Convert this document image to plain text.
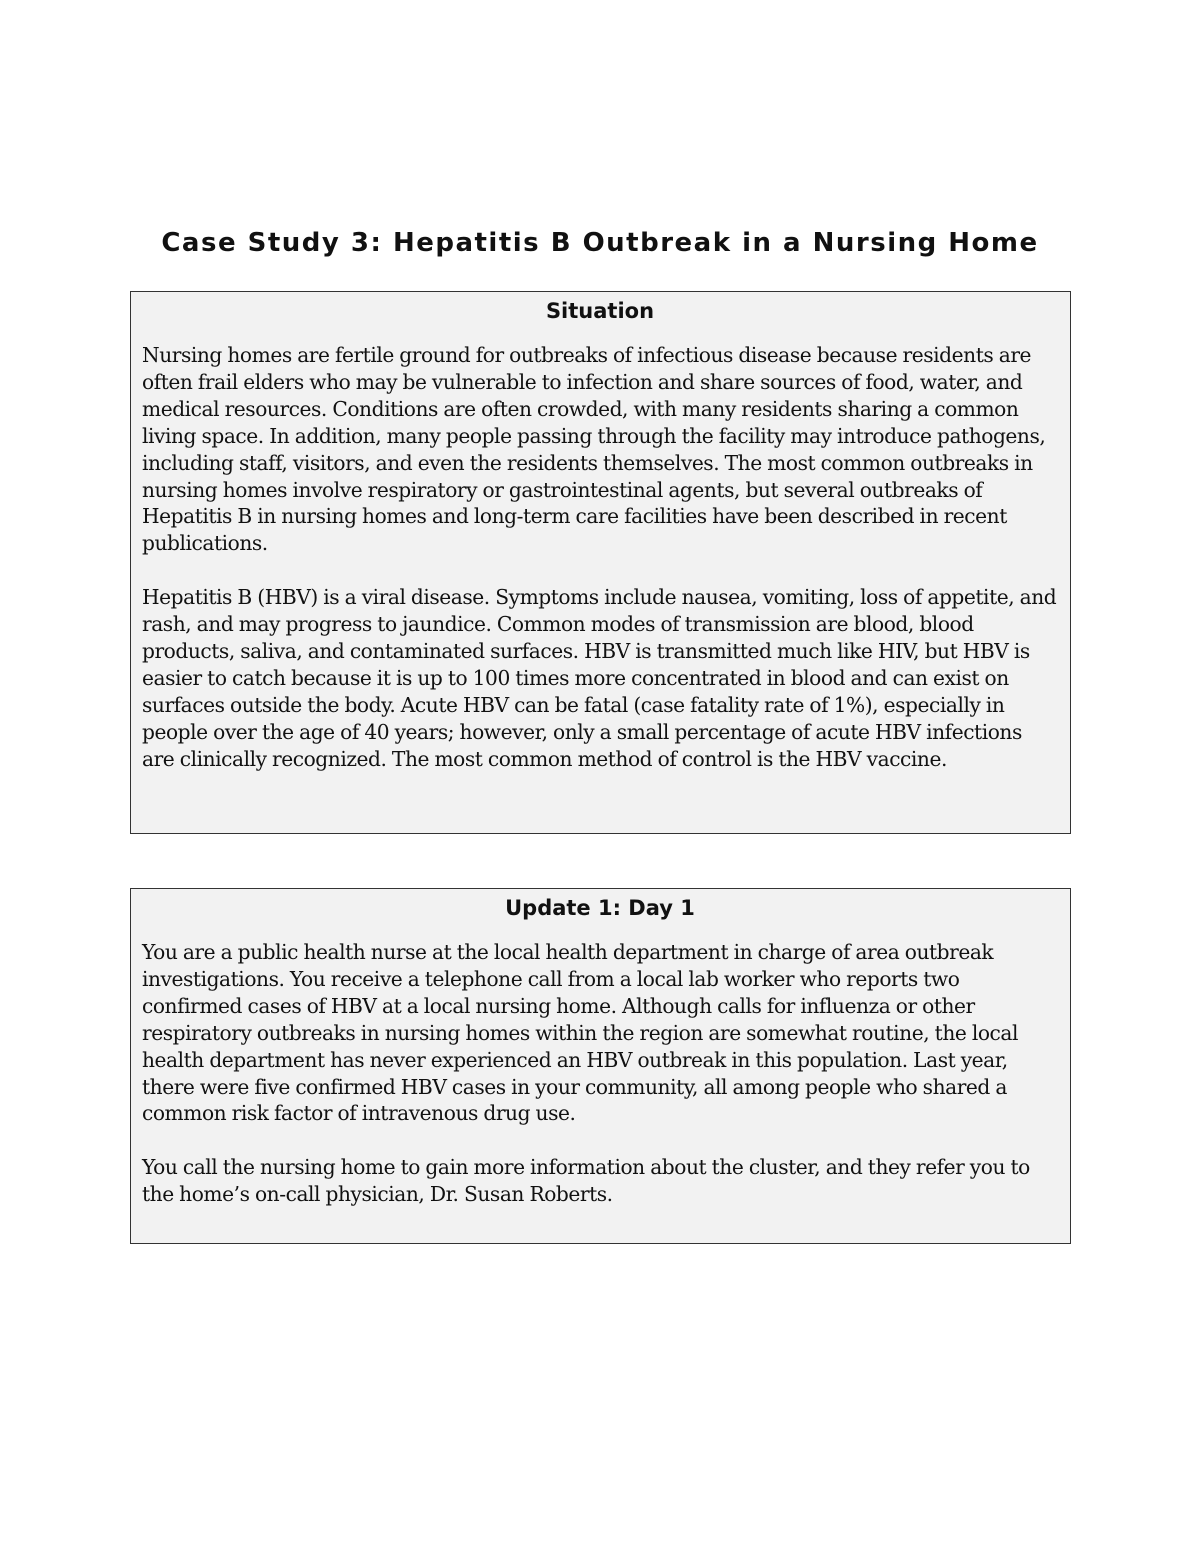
Case Study 3: Hepatitis B Outbreak in a Nursing Home
Situation

Nursing homes are fertile ground for outbreaks of infectious disease because residents are often frail elders who may be vulnerable to infection and share sources of food, water, and medical resources. Conditions are often crowded, with many residents sharing a common living space. In addition, many people passing through the facility may introduce pathogens, including staff, visitors, and even the residents themselves. The most common outbreaks in nursing homes involve respiratory or gastrointestinal agents, but several outbreaks of Hepatitis B in nursing homes and long-term care facilities have been described in recent publications.

Hepatitis B (HBV) is a viral disease. Symptoms include nausea, vomiting, loss of appetite, and rash, and may progress to jaundice. Common modes of transmission are blood, blood products, saliva, and contaminated surfaces. HBV is transmitted much like HIV, but HBV is easier to catch because it is up to 100 times more concentrated in blood and can exist on surfaces outside the body. Acute HBV can be fatal (case fatality rate of 1%), especially in people over the age of 40 years; however, only a small percentage of acute HBV infections are clinically recognized. The most common method of control is the HBV vaccine.

Update 1: Day 1

You are a public health nurse at the local health department in charge of area outbreak investigations. You receive a telephone call from a local lab worker who reports two confirmed cases of HBV at a local nursing home. Although calls for influenza or other respiratory outbreaks in nursing homes within the region are somewhat routine, the local health department has never experienced an HBV outbreak in this population. Last year, there were five confirmed HBV cases in your community, all among people who shared a common risk factor of intravenous drug use.

You call the nursing home to gain more information about the cluster, and they refer you to the home’s on-call physician, Dr. Susan Roberts.
